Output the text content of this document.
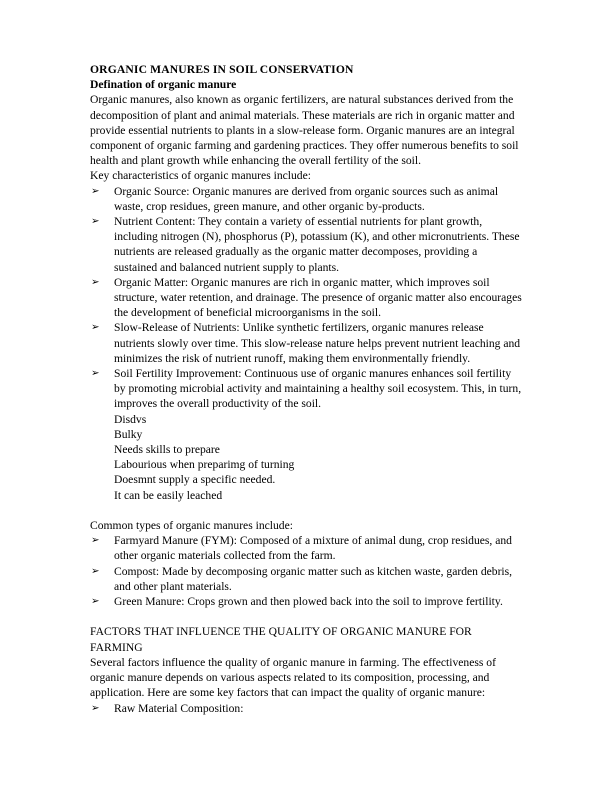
ORGANIC MANURES IN SOIL CONSERVATION
Defination of organic manure

Organic manures, also known as organic fertilizers, are natural substances derived from the decomposition of plant and animal materials. These materials are rich in organic matter and provide essential nutrients to plants in a slow-release form. Organic manures are an integral component of organic farming and gardening practices. They offer numerous benefits to soil health and plant growth while enhancing the overall fertility of the soil.

Key characteristics of organic manures include:

➢ Organic Source: Organic manures are derived from organic sources such as animal waste, crop residues, green manure, and other organic by-products.
➢ Nutrient Content: They contain a variety of essential nutrients for plant growth, including nitrogen (N), phosphorus (P), potassium (K), and other micronutrients. These nutrients are released gradually as the organic matter decomposes, providing a sustained and balanced nutrient supply to plants.
➢ Organic Matter: Organic manures are rich in organic matter, which improves soil structure, water retention, and drainage. The presence of organic matter also encourages the development of beneficial microorganisms in the soil.
➢ Slow-Release of Nutrients: Unlike synthetic fertilizers, organic manures release nutrients slowly over time. This slow-release nature helps prevent nutrient leaching and minimizes the risk of nutrient runoff, making them environmentally friendly.
➢ Soil Fertility Improvement: Continuous use of organic manures enhances soil fertility by promoting microbial activity and maintaining a healthy soil ecosystem. This, in turn, improves the overall productivity of the soil.
Disdvs
Bulky
Needs skills to prepare
Labourious when preparimg of turning
Doesmnt supply a specific needed.
It can be easily leached

Common types of organic manures include:

➢ Farmyard Manure (FYM): Composed of a mixture of animal dung, crop residues, and other organic materials collected from the farm.
➢ Compost: Made by decomposing organic matter such as kitchen waste, garden debris, and other plant materials.
➢ Green Manure: Crops grown and then plowed back into the soil to improve fertility.
FACTORS THAT INFLUENCE THE QUALITY OF ORGANIC MANURE FOR FARMING

Several factors influence the quality of organic manure in farming. The effectiveness of organic manure depends on various aspects related to its composition, processing, and application. Here are some key factors that can impact the quality of organic manure:

➢ Raw Material Composition:
